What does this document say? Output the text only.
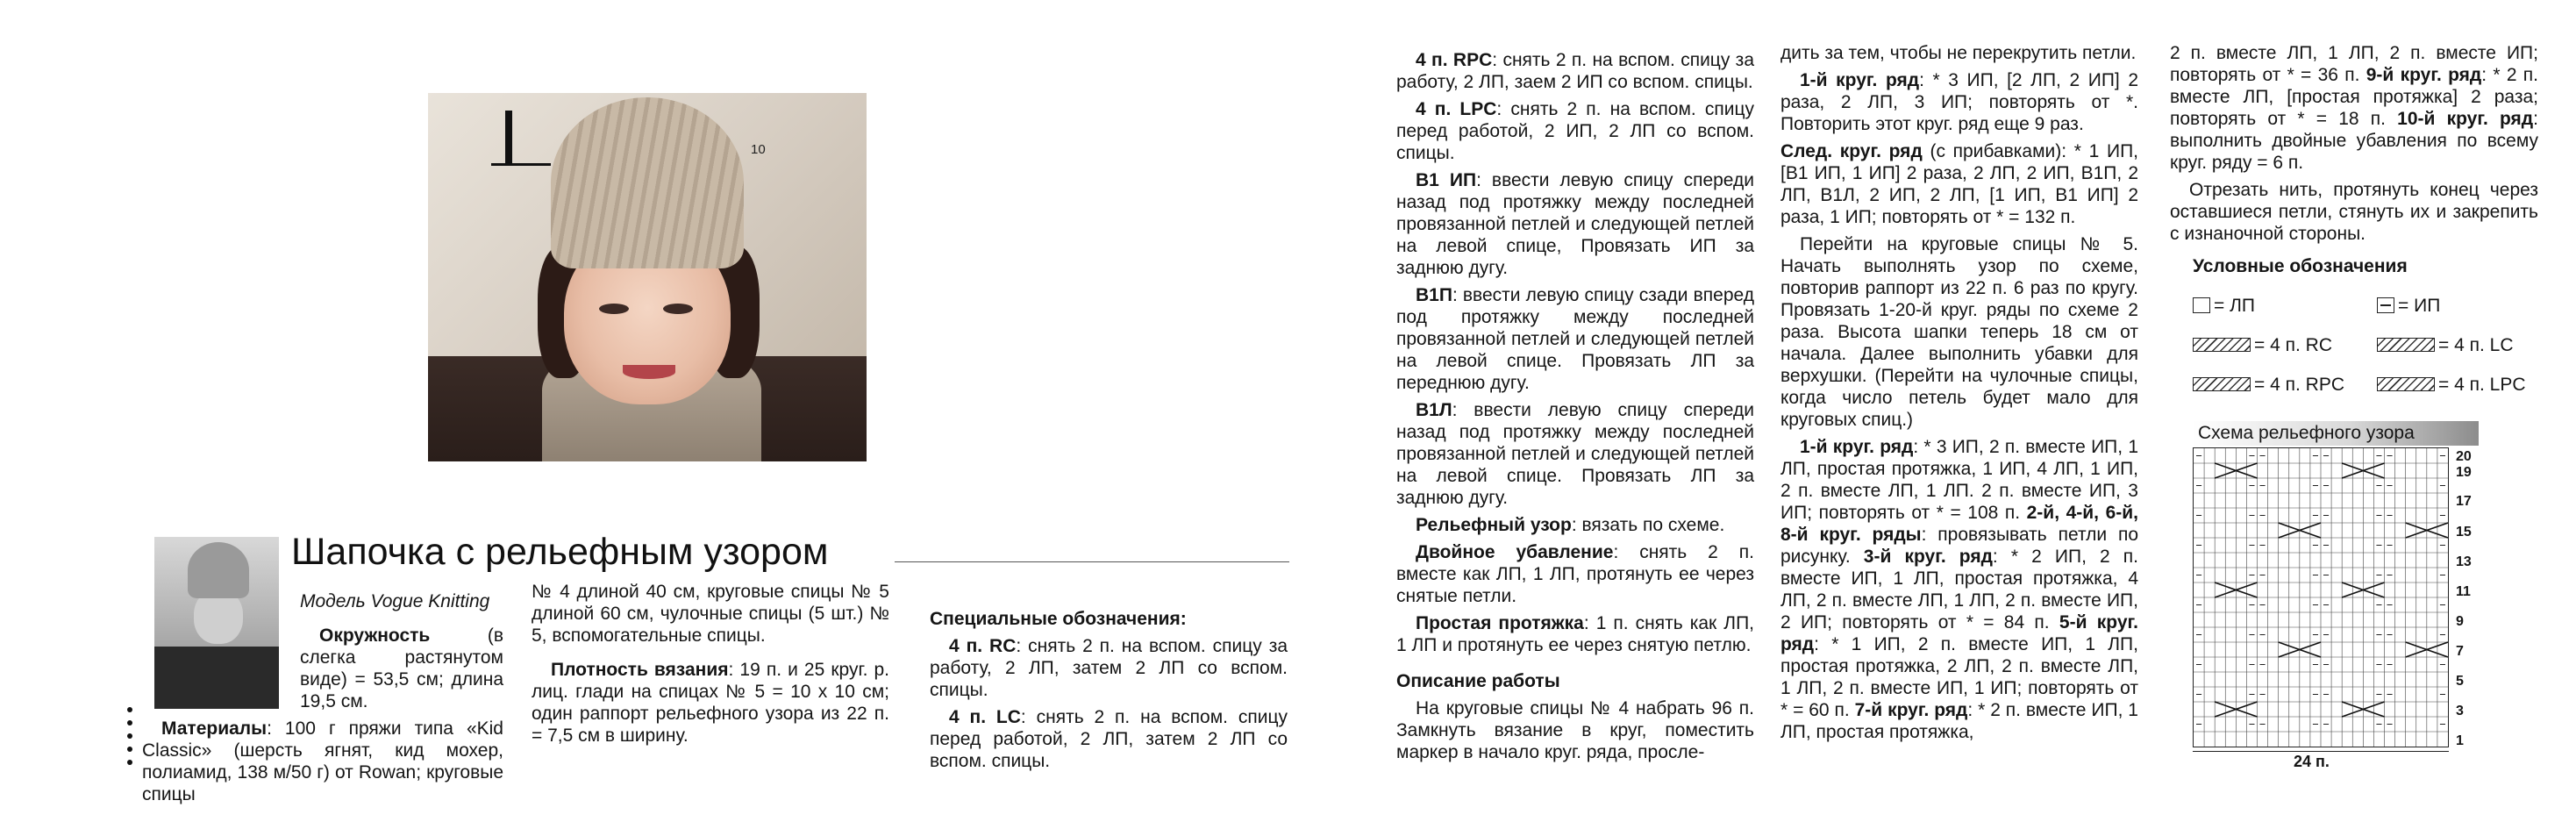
10
Шапочка с рельефным узором

Модель Vogue Knitting

Окружность (в слегка растянутом виде) = 53,5 см; длина 19,5 см.

Материалы: 100 г пряжи типа «Kid Classic» (шерсть ягнят, кид мохер, полиамид, 138 м/50 г) от Rowan; круговые спицы

№ 4 длиной 40 см, круговые спицы № 5 длиной 60 см, чулочные спицы (5 шт.) № 5, вспомогательные спицы.

Плотность вязания: 19 п. и 25 круг. р. лиц. глади на спицах № 5 = 10 x 10 см; один раппорт рельефного узора из 22 п. = 7,5 см в ширину.

Специальные обозначения:

4 п. RC: снять 2 п. на вспом. спицу за работу, 2 ЛП, затем 2 ЛП со вспом. спицы.

4 п. LC: снять 2 п. на вспом. спицу перед работой, 2 ЛП, затем 2 ЛП со вспом. спицы.

4 п. RPC: снять 2 п. на вспом. спицу за работу, 2 ЛП, заем 2 ИП со вспом. спицы.

4 п. LPC: снять 2 п. на вспом. спицу перед работой, 2 ИП, 2 ЛП со вспом. спицы.

В1 ИП: ввести левую спицу спереди назад под протяжку между последней провязанной петлей и следующей петлей на левой спице, Провязать ИП за заднюю дугу.

В1П: ввести левую спицу сзади вперед под протяжку между последней провязанной петлей и следующей петлей на левой спице. Провязать ЛП за переднюю дугу.

В1Л: ввести левую спицу спереди назад под протяжку между последней провязанной петлей и следующей петлей на левой спице. Провязать ЛП за заднюю дугу.

Рельефный узор: вязать по схеме.

Двойное убавление: снять 2 п. вместе как ЛП, 1 ЛП, протянуть ее через снятые петли.

Простая протяжка: 1 п. снять как ЛП, 1 ЛП и протянуть ее через снятую петлю.

Описание работы

На круговые спицы № 4 набрать 96 п. Замкнуть вязание в круг, поместить маркер в начало круг. ряда, просле-

дить за тем, чтобы не перекрутить петли.

1-й круг. ряд: * 3 ИП, [2 ЛП, 2 ИП] 2 раза, 2 ЛП, 3 ИП; повторять от *. Повторить этот круг. ряд еще 9 раз.

След. круг. ряд (с прибавками): * 1 ИП, [В1 ИП, 1 ИП] 2 раза, 2 ЛП, 2 ИП, В1П, 2 ЛП, В1Л, 2 ИП, 2 ЛП, [1 ИП, В1 ИП] 2 раза, 1 ИП; повторять от * = 132 п.

Перейти на круговые спицы № 5. Начать выполнять узор по схеме, повторив раппорт из 22 п. 6 раз по кругу. Провязать 1-20-й круг. ряды по схеме 2 раза. Высота шапки теперь 18 см от начала. Далее выполнить убавки для верхушки. (Перейти на чулочные спицы, когда число петель будет мало для круговых спиц.)

1-й круг. ряд: * 3 ИП, 2 п. вместе ИП, 1 ЛП, простая протяжка, 1 ИП, 4 ЛП, 1 ИП, 2 п. вместе ЛП, 1 ЛП. 2 п. вместе ИП, 3 ИП; повторять от * = 108 п. 2-й, 4-й, 6-й, 8-й круг. ряды: провязывать петли по рисунку. 3-й круг. ряд: * 2 ИП, 2 п. вместе ИП, 1 ЛП, простая протяжка, 4 ЛП, 2 п. вместе ЛП, 1 ЛП, 2 п. вместе ИП, 2 ИП; повторять от * = 84 п. 5-й круг. ряд: * 1 ИП, 2 п. вместе ИП, 1 ЛП, простая протяжка, 2 ЛП, 2 п. вместе ЛП, 1 ЛП, 2 п. вместе ИП, 1 ИП; повторять от * = 60 п. 7-й круг. ряд: * 2 п. вместе ИП, 1 ЛП, простая протяжка,

2 п. вместе ЛП, 1 ЛП, 2 п. вместе ИП; повторять от * = 36 п. 9-й круг. ряд: * 2 п. вместе ЛП, [простая протяжка] 2 раза; повторять от * = 18 п. 10-й круг. ряд: выполнить двойные убавления по всему круг. ряду = 6 п.

Отрезать нить, протянуть конец через оставшиеся петли, стянуть их и закрепить с изнаночной стороны.

Условные обозначения
= ЛП	= ИП
= 4 п. RC	= 4 п. LC
= 4 п. RPC	= 4 п. LPC
Схема рельефного узора
20
19
17
15
13
11
9
7
5
3
1
24 п.
